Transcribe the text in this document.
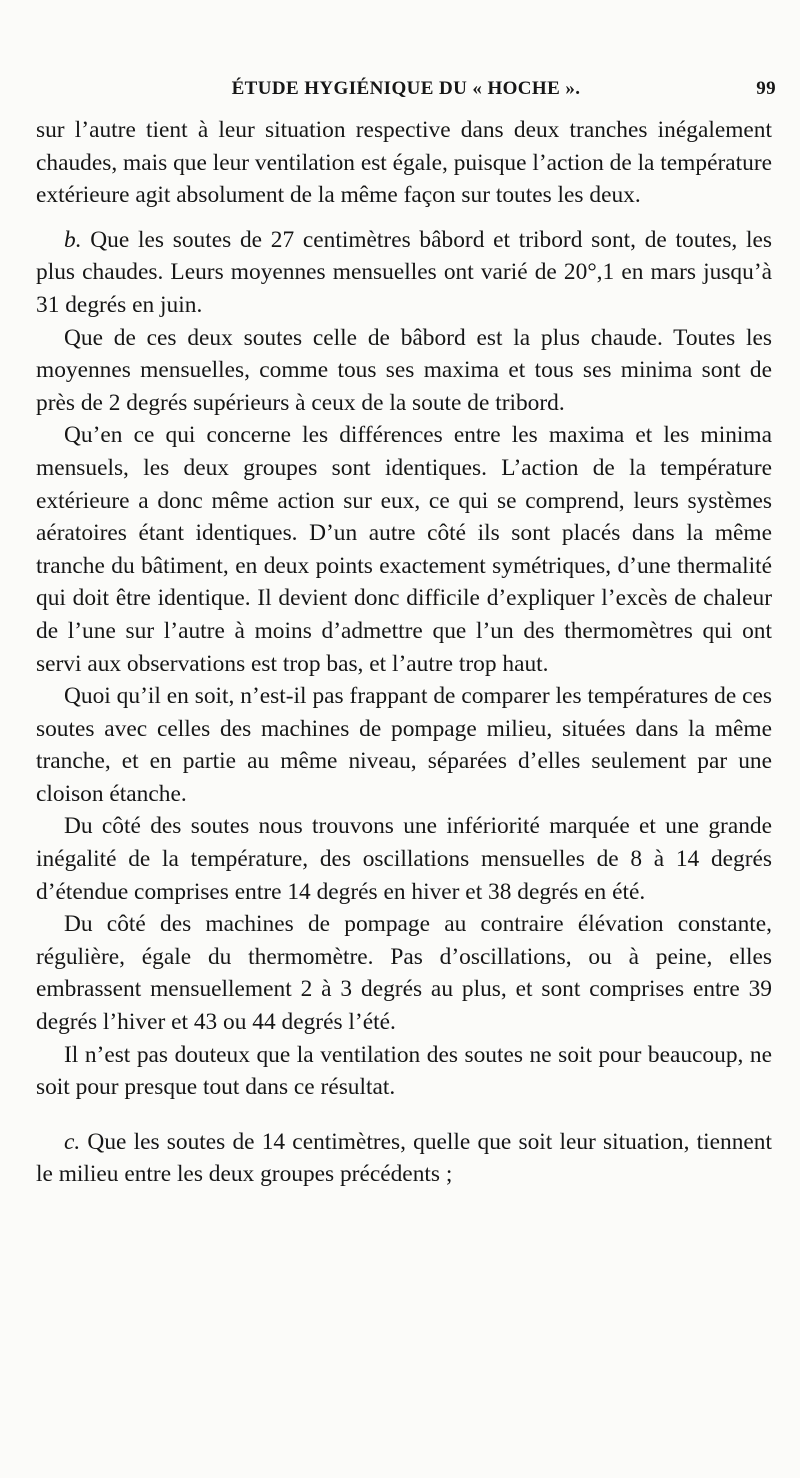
ÉTUDE HYGIÉNIQUE DU « HOCHE ».	99

sur l’autre tient à leur situation respective dans deux tranches inégalement chaudes, mais que leur ventilation est égale, puisque l’action de la température extérieure agit absolument de la même façon sur toutes les deux.

b. Que les soutes de 27 centimètres bâbord et tribord sont, de toutes, les plus chaudes. Leurs moyennes mensuelles ont varié de 20°,1 en mars jusqu’à 31 degrés en juin.

Que de ces deux soutes celle de bâbord est la plus chaude. Toutes les moyennes mensuelles, comme tous ses maxima et tous ses minima sont de près de 2 degrés supérieurs à ceux de la soute de tribord.

Qu’en ce qui concerne les différences entre les maxima et les minima mensuels, les deux groupes sont identiques. L’action de la température extérieure a donc même action sur eux, ce qui se comprend, leurs systèmes aératoires étant identiques. D’un autre côté ils sont placés dans la même tranche du bâtiment, en deux points exactement symétriques, d’une thermalité qui doit être identique. Il devient donc difficile d’expliquer l’excès de chaleur de l’une sur l’autre à moins d’admettre que l’un des thermomètres qui ont servi aux observations est trop bas, et l’autre trop haut.

Quoi qu’il en soit, n’est-il pas frappant de comparer les températures de ces soutes avec celles des machines de pompage milieu, situées dans la même tranche, et en partie au même niveau, séparées d’elles seulement par une cloison étanche.

Du côté des soutes nous trouvons une infériorité marquée et une grande inégalité de la température, des oscillations mensuelles de 8 à 14 degrés d’étendue comprises entre 14 degrés en hiver et 38 degrés en été.

Du côté des machines de pompage au contraire élévation constante, régulière, égale du thermomètre. Pas d’oscillations, ou à peine, elles embrassent mensuellement 2 à 3 degrés au plus, et sont comprises entre 39 degrés l’hiver et 43 ou 44 degrés l’été.

Il n’est pas douteux que la ventilation des soutes ne soit pour beaucoup, ne soit pour presque tout dans ce résultat.

c. Que les soutes de 14 centimètres, quelle que soit leur situation, tiennent le milieu entre les deux groupes précédents ;
